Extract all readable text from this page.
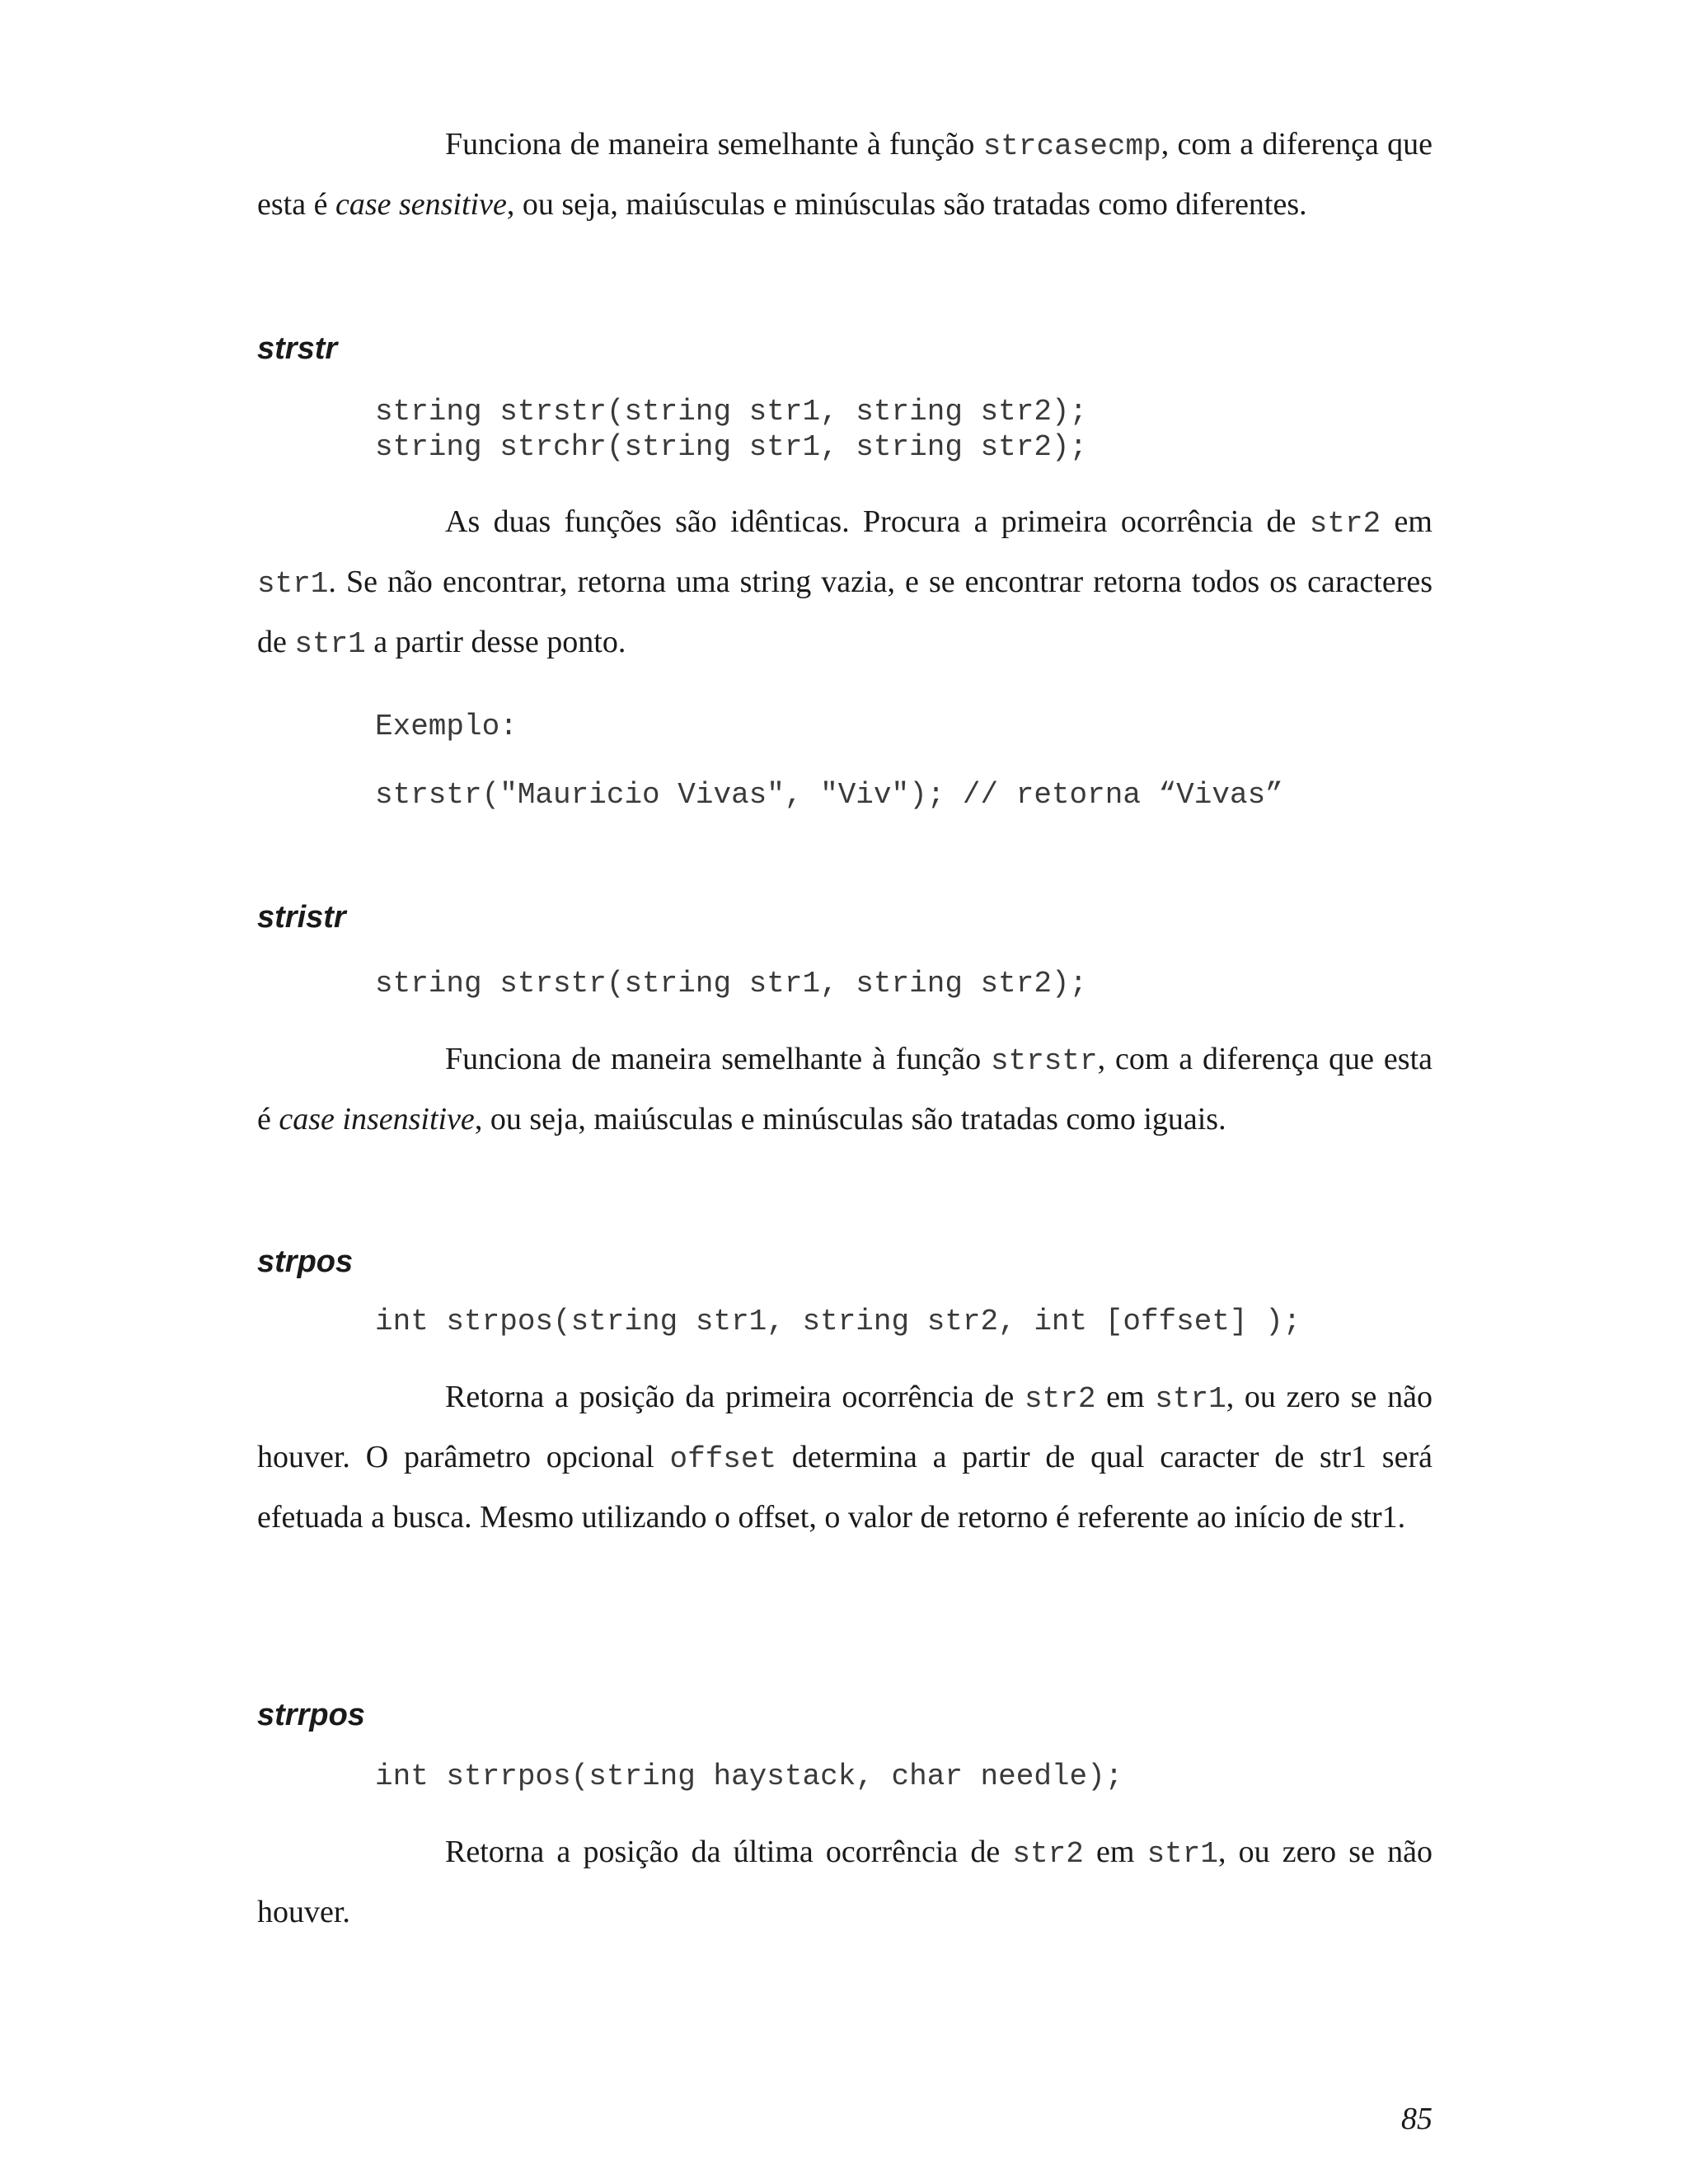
Funciona de maneira semelhante à função strcasecmp, com a diferença que esta é case sensitive, ou seja, maiúsculas e minúsculas são tratadas como diferentes.

strstr
string strstr(string str1, string str2);
string strchr(string str1, string str2);

As duas funções são idênticas. Procura a primeira ocorrência de str2 em str1. Se não encontrar, retorna uma string vazia, e se encontrar retorna todos os caracteres de str1 a partir desse ponto.

Exemplo:
strstr("Mauricio Vivas", "Viv"); // retorna “Vivas”
stristr
string strstr(string str1, string str2);

Funciona de maneira semelhante à função strstr, com a diferença que esta é case insensitive, ou seja, maiúsculas e minúsculas são tratadas como iguais.

strpos
int strpos(string str1, string str2, int [offset] );

Retorna a posição da primeira ocorrência de str2 em str1, ou zero se não houver. O parâmetro opcional offset determina a partir de qual caracter de str1 será efetuada a busca. Mesmo utilizando o offset, o valor de retorno é referente ao início de str1.

strrpos
int strrpos(string haystack, char needle);

Retorna a posição da última ocorrência de str2 em str1, ou zero se não houver.

85
